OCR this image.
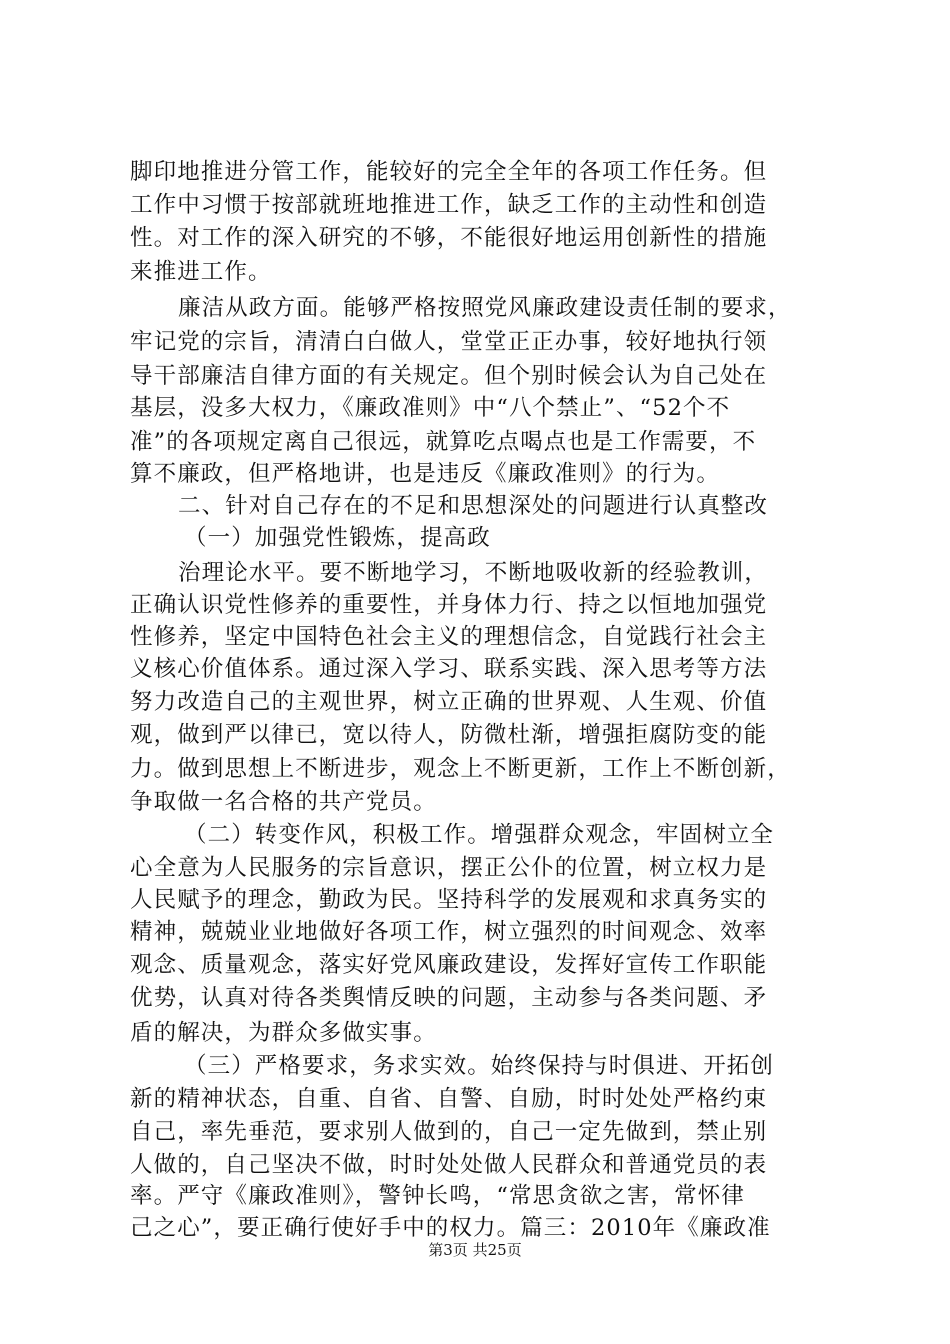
脚印地推进分管工作，能较好的完全全年的各项工作任务。但
工作中习惯于按部就班地推进工作，缺乏工作的主动性和创造
性。对工作的深入研究的不够，不能很好地运用创新性的措施
来推进工作。
廉洁从政方面。能够严格按照党风廉政建设责任制的要求，
牢记党的宗旨，清清白白做人，堂堂正正办事，较好地执行领
导干部廉洁自律方面的有关规定。但个别时候会认为自己处在
基层，没多大权力，《廉政准则》中“八个禁止”、“52个不
准”的各项规定离自己很远，就算吃点喝点也是工作需要，不
算不廉政，但严格地讲，也是违反《廉政准则》的行为。
二、针对自己存在的不足和思想深处的问题进行认真整改
（一）加强党性锻炼，提高政
治理论水平。要不断地学习，不断地吸收新的经验教训，
正确认识党性修养的重要性，并身体力行、持之以恒地加强党
性修养，坚定中国特色社会主义的理想信念，自觉践行社会主
义核心价值体系。通过深入学习、联系实践、深入思考等方法
努力改造自己的主观世界，树立正确的世界观、人生观、价值
观，做到严以律已，宽以待人，防微杜渐，增强拒腐防变的能
力。做到思想上不断进步，观念上不断更新，工作上不断创新，
争取做一名合格的共产党员。
（二）转变作风，积极工作。增强群众观念，牢固树立全
心全意为人民服务的宗旨意识，摆正公仆的位置，树立权力是
人民赋予的理念，勤政为民。坚持科学的发展观和求真务实的
精神，兢兢业业地做好各项工作，树立强烈的时间观念、效率
观念、质量观念，落实好党风廉政建设，发挥好宣传工作职能
优势，认真对待各类舆情反映的问题，主动参与各类问题、矛
盾的解决，为群众多做实事。
（三）严格要求，务求实效。始终保持与时俱进、开拓创
新的精神状态，自重、自省、自警、自励，时时处处严格约束
自己，率先垂范，要求别人做到的，自己一定先做到，禁止别
人做的，自己坚决不做，时时处处做人民群众和普通党员的表
率。严守《廉政准则》，警钟长鸣，“常思贪欲之害，常怀律
己之心”，要正确行使好手中的权力。篇三：2010年《廉政准
第3页 共25页
